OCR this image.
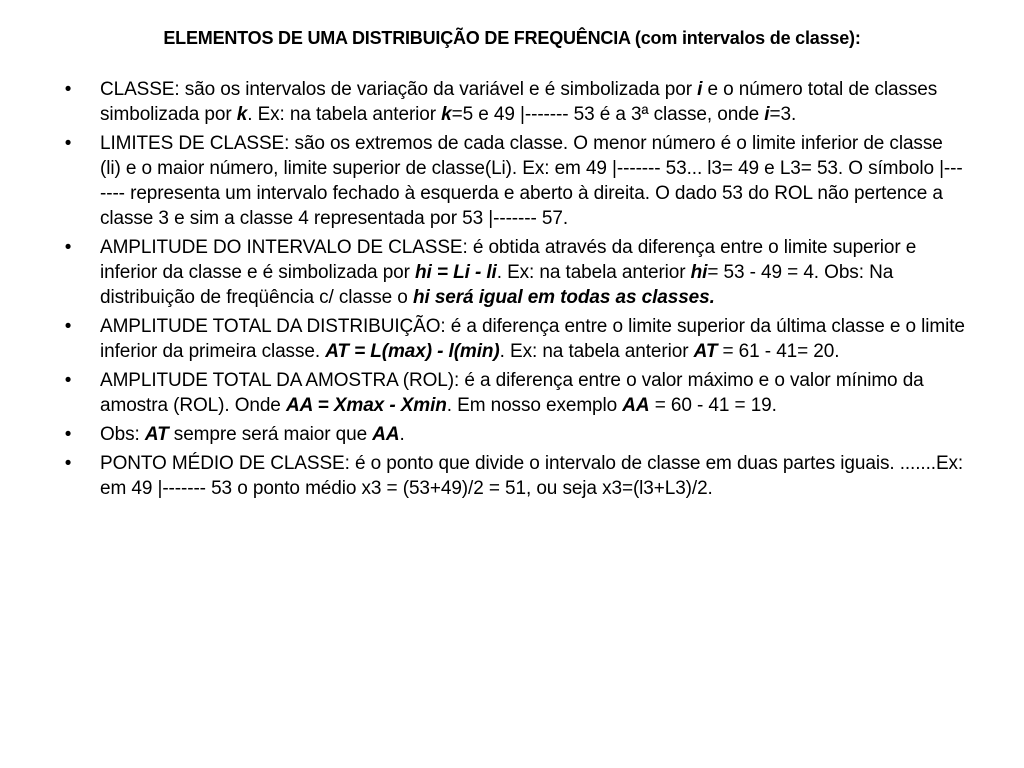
ELEMENTOS DE UMA DISTRIBUIÇÃO DE FREQUÊNCIA (com intervalos de classe):
•	CLASSE: são os intervalos de variação da variável e é simbolizada por i e o número total de classes simbolizada por k. Ex: na tabela anterior k=5 e 49 |------- 53 é a 3ª classe, onde i=3.
•	LIMITES DE CLASSE: são os extremos de cada classe. O menor número é o limite inferior de classe (li) e o maior número, limite superior de classe(Li). Ex: em 49 |------- 53... l3= 49 e L3= 53. O símbolo |------- representa um intervalo fechado à esquerda e aberto à direita. O dado 53 do ROL não pertence a classe 3 e sim a classe 4 representada por 53 |------- 57.
•	AMPLITUDE DO INTERVALO DE CLASSE: é obtida através da diferença entre o limite superior e inferior da classe e é simbolizada por hi = Li - li. Ex: na tabela anterior hi= 53 - 49 = 4. Obs: Na distribuição de freqüência c/ classe o hi será igual em todas as classes.
•	AMPLITUDE TOTAL DA DISTRIBUIÇÃO: é a diferença entre o limite superior da última classe e o limite inferior da primeira classe. AT = L(max) - l(min). Ex: na tabela anterior AT = 61 - 41= 20.
•	AMPLITUDE TOTAL DA AMOSTRA (ROL): é a diferença entre o valor máximo e o valor mínimo da amostra (ROL). Onde AA = Xmax - Xmin. Em nosso exemplo AA = 60 - 41 = 19.
•	Obs: AT sempre será maior que AA.
•	PONTO MÉDIO DE CLASSE: é o ponto que divide o intervalo de classe em duas partes iguais. .......Ex: em 49 |------- 53 o ponto médio x3 = (53+49)/2 = 51, ou seja x3=(l3+L3)/2.
